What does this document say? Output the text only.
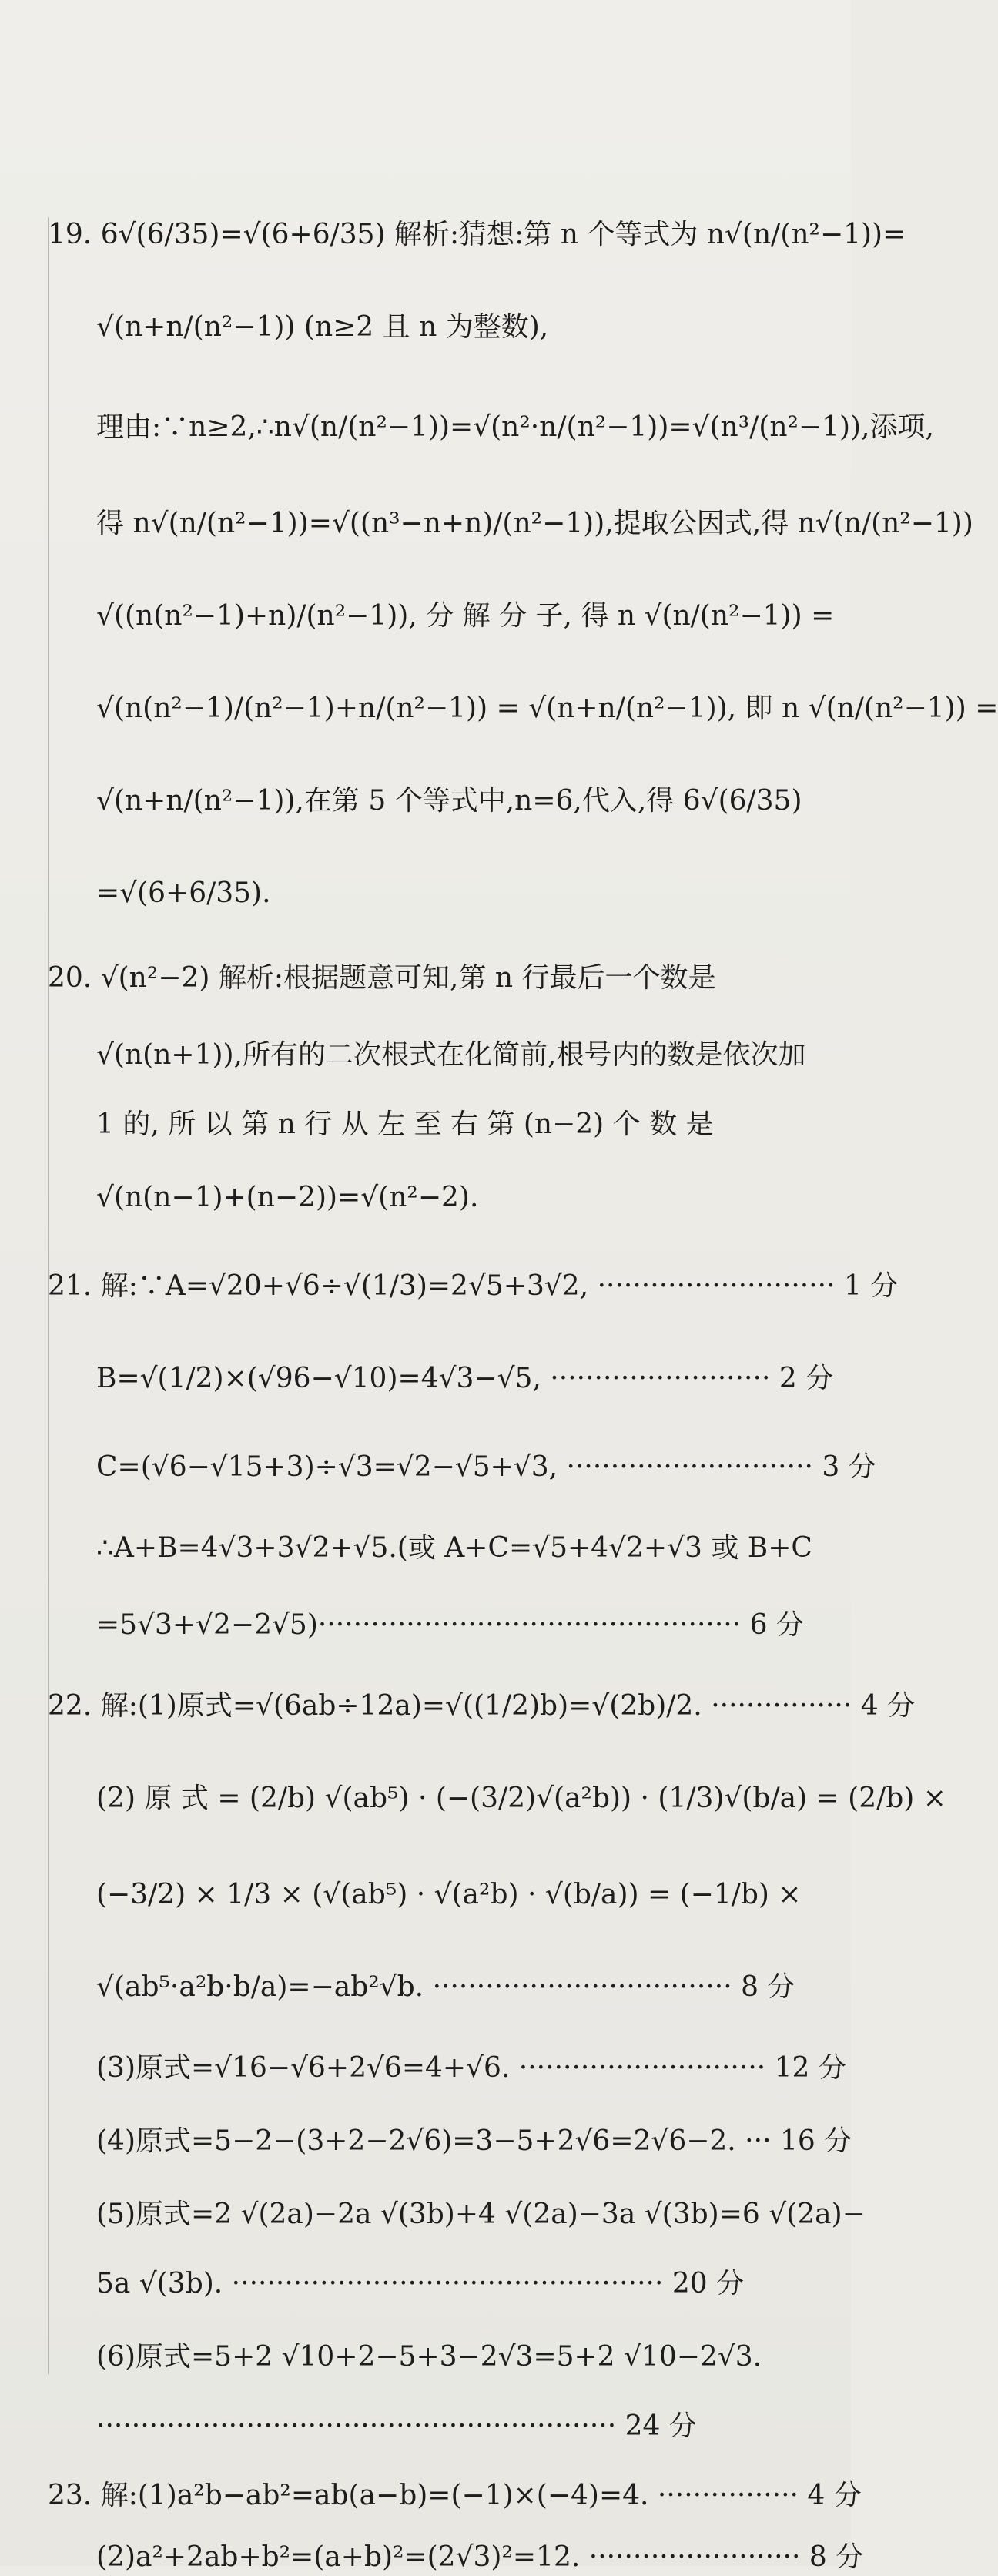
19. 6√(6/35)=√(6+6/35) 解析:猜想:第 n 个等式为 n√(n/(n²−1))=
√(n+n/(n²−1)) (n≥2 且 n 为整数),
理由:∵n≥2,∴n√(n/(n²−1))=√(n²·n/(n²−1))=√(n³/(n²−1)),添项,
得 n√(n/(n²−1))=√((n³−n+n)/(n²−1)),提取公因式,得 n√(n/(n²−1))
√((n(n²−1)+n)/(n²−1)), 分 解 分 子, 得 n √(n/(n²−1)) =
√(n(n²−1)/(n²−1)+n/(n²−1)) = √(n+n/(n²−1)), 即 n √(n/(n²−1)) =
√(n+n/(n²−1)),在第 5 个等式中,n=6,代入,得 6√(6/35)
=√(6+6/35).
20. √(n²−2) 解析:根据题意可知,第 n 行最后一个数是
√(n(n+1)),所有的二次根式在化简前,根号内的数是依次加
1 的, 所 以 第 n 行 从 左 至 右 第 (n−2) 个 数 是
√(n(n−1)+(n−2))=√(n²−2).
21. 解:∵A=√20+√6÷√(1/3)=2√5+3√2, ··························· 1 分
B=√(1/2)×(√96−√10)=4√3−√5, ························· 2 分
C=(√6−√15+3)÷√3=√2−√5+√3, ···························· 3 分
∴A+B=4√3+3√2+√5.(或 A+C=√5+4√2+√3 或 B+C
=5√3+√2−2√5)················································ 6 分
22. 解:(1)原式=√(6ab÷12a)=√((1/2)b)=√(2b)/2. ················ 4 分
(2) 原 式 = (2/b) √(ab⁵) · (−(3/2)√(a²b)) · (1/3)√(b/a) = (2/b) ×
(−3/2) × 1/3 × (√(ab⁵) · √(a²b) · √(b/a)) = (−1/b) ×
√(ab⁵·a²b·b/a)=−ab²√b. ·································· 8 分
(3)原式=√16−√6+2√6=4+√6. ···························· 12 分
(4)原式=5−2−(3+2−2√6)=3−5+2√6=2√6−2. ··· 16 分
(5)原式=2 √(2a)−2a √(3b)+4 √(2a)−3a √(3b)=6 √(2a)−
5a √(3b). ················································· 20 分
(6)原式=5+2 √10+2−5+3−2√3=5+2 √10−2√3.
··························································· 24 分
23. 解:(1)a²b−ab²=ab(a−b)=(−1)×(−4)=4. ················ 4 分
(2)a²+2ab+b²=(a+b)²=(2√3)²=12. ························ 8 分
